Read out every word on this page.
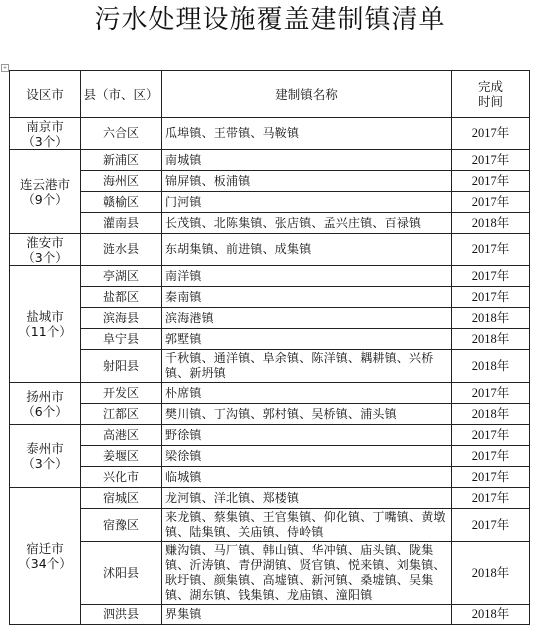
污水处理设施覆盖建制镇清单
+
设区市	县（市、区）	建制镇名称	完成
时间

南京市
（3个）	六合区	瓜埠镇、王带镇、马鞍镇	2017年

连云港市
（9个）	新浦区	南城镇	2017年
	海州区	锦屏镇、板浦镇	2017年
	赣榆区	门河镇	2017年
	灌南县	长茂镇、北陈集镇、张店镇、孟兴庄镇、百禄镇	2018年

淮安市
（3个）	涟水县	东胡集镇、前进镇、成集镇	2017年

盐城市
（11个）	亭湖区	南洋镇	2017年
	盐都区	秦南镇	2017年
	滨海县	滨海港镇	2018年
	阜宁县	郭墅镇	2018年
	射阳县	千秋镇、通洋镇、阜余镇、陈洋镇、耦耕镇、兴桥镇、新坍镇	2018年

扬州市
（6个）	开发区	朴席镇	2017年
	江都区	樊川镇、丁沟镇、郭村镇、吴桥镇、浦头镇	2018年

泰州市
（3个）	高港区	野徐镇	2017年
	姜堰区	梁徐镇	2017年
	兴化市	临城镇	2017年

宿迁市
（34个）	宿城区	龙河镇、洋北镇、郑楼镇	2017年
	宿豫区	来龙镇、蔡集镇、王官集镇、仰化镇、丁嘴镇、黄墩镇、陆集镇、关庙镇、侍岭镇	2017年
	沭阳县	赚沟镇、马厂镇、韩山镇、华冲镇、庙头镇、陇集镇、沂涛镇、青伊湖镇、贤官镇、悦来镇、刘集镇、耿圩镇、颜集镇、高墟镇、新河镇、桑墟镇、吴集镇、湖东镇、钱集镇、龙庙镇、潼阳镇	2018年
	泗洪县	界集镇	2018年
